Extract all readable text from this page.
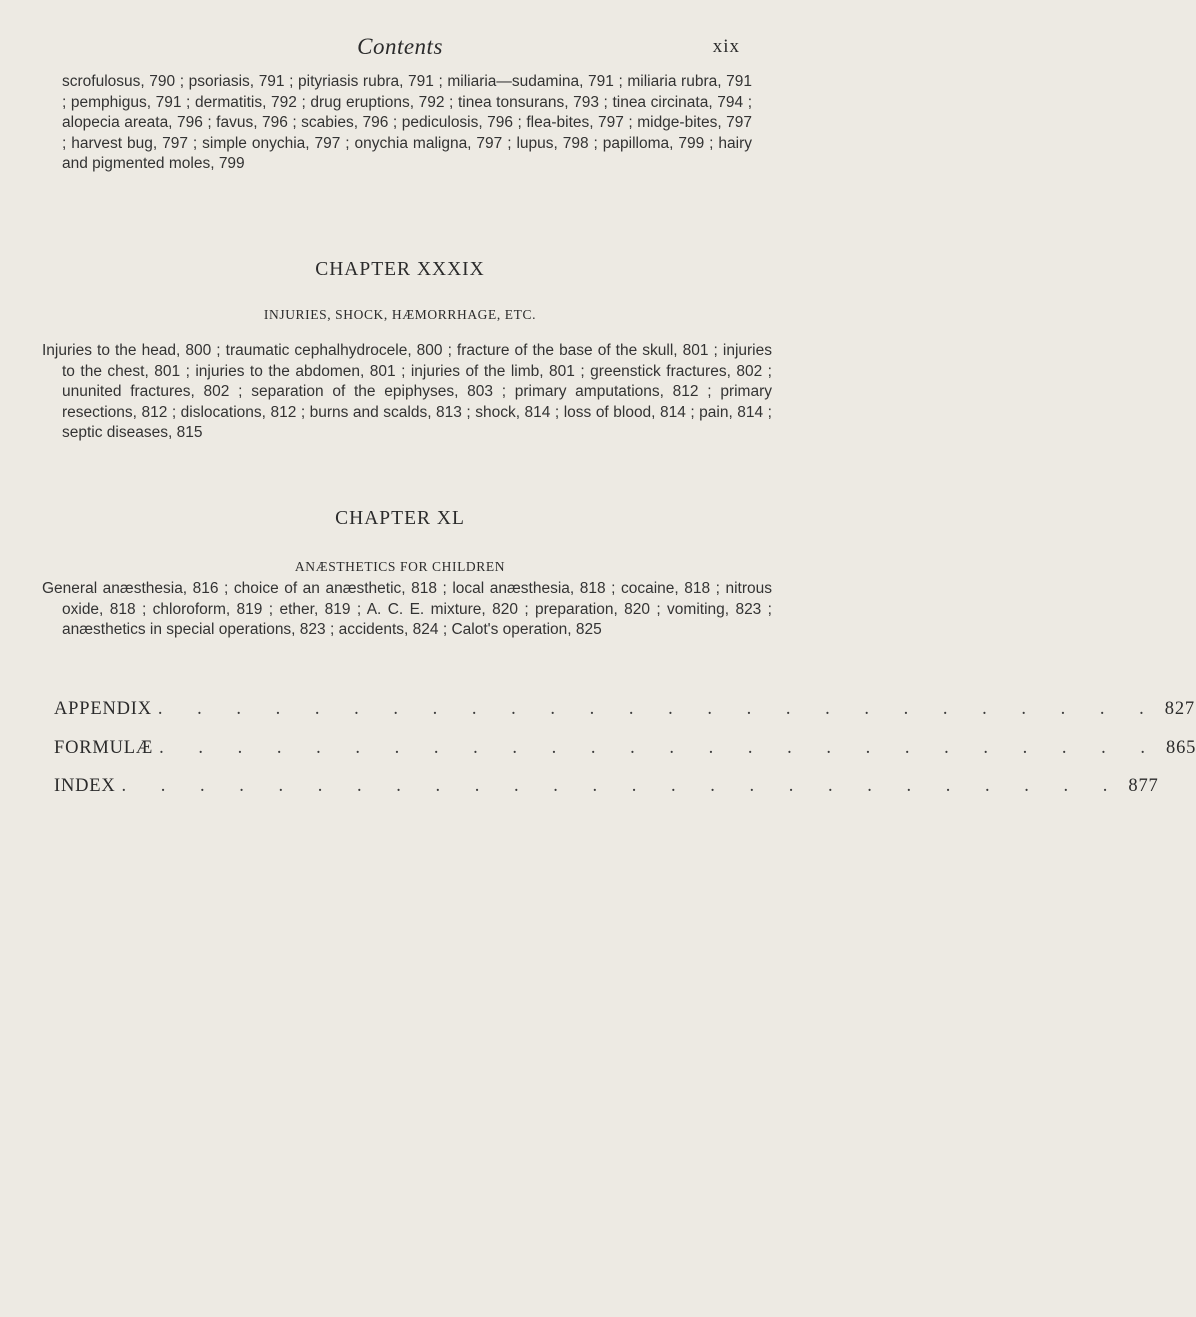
Contents	xix

scrofulosus, 790 ; psoriasis, 791 ; pityriasis rubra, 791 ; miliaria—sudamina, 791 ; miliaria rubra, 791 ; pemphigus, 791 ; dermatitis, 792 ; drug eruptions, 792 ; tinea tonsurans, 793 ; tinea circinata, 794 ; alopecia areata, 796 ; favus, 796 ; scabies, 796 ; pediculosis, 796 ; flea-bites, 797 ; midge-bites, 797 ; harvest bug, 797 ; simple onychia, 797 ; onychia maligna, 797 ; lupus, 798 ; papilloma, 799 ; hairy and pigmented moles, 799

CHAPTER XXXIX
INJURIES, SHOCK, HÆMORRHAGE, ETC.

Injuries to the head, 800 ; traumatic cephalhydrocele, 800 ; fracture of the base of the skull, 801 ; injuries to the chest, 801 ; injuries to the abdomen, 801 ; injuries of the limb, 801 ; greenstick fractures, 802 ; ununited fractures, 802 ; separation of the epiphyses, 803 ; primary amputations, 812 ; primary resections, 812 ; dislocations, 812 ; burns and scalds, 813 ; shock, 814 ; loss of blood, 814 ; pain, 814 ; septic diseases, 815

CHAPTER XL
ANÆSTHETICS FOR CHILDREN

General anæsthesia, 816 ; choice of an anæsthetic, 818 ; local anæsthesia, 818 ; cocaine, 818 ; nitrous oxide, 818 ; chloroform, 819 ; ether, 819 ; A. C. E. mixture, 820 ; preparation, 820 ; vomiting, 823 ; anæsthetics in special operations, 823 ; accidents, 824 ; Calot's operation, 825

APPENDIX . . . . . . . . . . . . . . . . . . . . . . . . . . 827
FORMULÆ . . . . . . . . . . . . . . . . . . . . . . . . . . 865
INDEX . . . . . . . . . . . . . . . . . . . . . . . . . . 877
